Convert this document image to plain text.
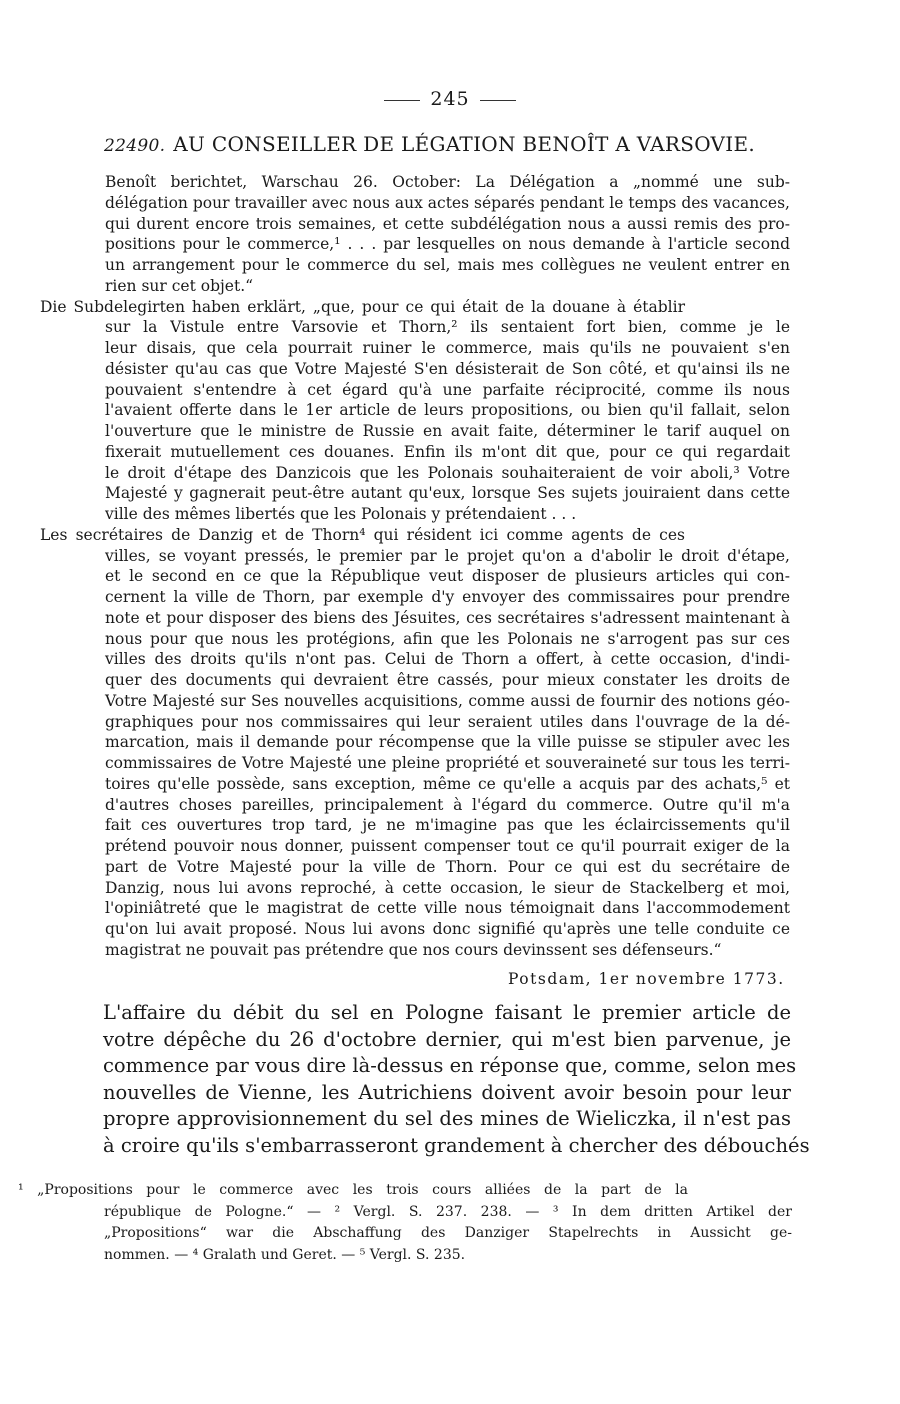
245
22490. AU CONSEILLER DE LÉGATION BENOÎT A VARSOVIE.
Benoît berichtet, Warschau 26. October: La Délégation a „nommé une sub-
délégation pour travailler avec nous aux actes séparés pendant le temps des vacances,
qui durent encore trois semaines, et cette subdélégation nous a aussi remis des pro-
positions pour le commerce,¹ . . . par lesquelles on nous demande à l'article second
un arrangement pour le commerce du sel, mais mes collègues ne veulent entrer en
rien sur cet objet.“
Die Subdelegirten haben erklärt, „que, pour ce qui était de la douane à établir
sur la Vistule entre Varsovie et Thorn,² ils sentaient fort bien, comme je le
leur disais, que cela pourrait ruiner le commerce, mais qu'ils ne pouvaient s'en
désister qu'au cas que Votre Majesté S'en désisterait de Son côté, et qu'ainsi ils ne
pouvaient s'entendre à cet égard qu'à une parfaite réciprocité, comme ils nous
l'avaient offerte dans le 1er article de leurs propositions, ou bien qu'il fallait, selon
l'ouverture que le ministre de Russie en avait faite, déterminer le tarif auquel on
fixerait mutuellement ces douanes. Enfin ils m'ont dit que, pour ce qui regardait
le droit d'étape des Danzicois que les Polonais souhaiteraient de voir aboli,³ Votre
Majesté y gagnerait peut-être autant qu'eux, lorsque Ses sujets jouiraient dans cette
ville des mêmes libertés que les Polonais y prétendaient . . .
Les secrétaires de Danzig et de Thorn⁴ qui résident ici comme agents de ces
villes, se voyant pressés, le premier par le projet qu'on a d'abolir le droit d'étape,
et le second en ce que la République veut disposer de plusieurs articles qui con-
cernent la ville de Thorn, par exemple d'y envoyer des commissaires pour prendre
note et pour disposer des biens des Jésuites, ces secrétaires s'adressent maintenant à
nous pour que nous les protégions, afin que les Polonais ne s'arrogent pas sur ces
villes des droits qu'ils n'ont pas. Celui de Thorn a offert, à cette occasion, d'indi-
quer des documents qui devraient être cassés, pour mieux constater les droits de
Votre Majesté sur Ses nouvelles acquisitions, comme aussi de fournir des notions géo-
graphiques pour nos commissaires qui leur seraient utiles dans l'ouvrage de la dé-
marcation, mais il demande pour récompense que la ville puisse se stipuler avec les
commissaires de Votre Majesté une pleine propriété et souveraineté sur tous les terri-
toires qu'elle possède, sans exception, même ce qu'elle a acquis par des achats,⁵ et
d'autres choses pareilles, principalement à l'égard du commerce. Outre qu'il m'a
fait ces ouvertures trop tard, je ne m'imagine pas que les éclaircissements qu'il
prétend pouvoir nous donner, puissent compenser tout ce qu'il pourrait exiger de la
part de Votre Majesté pour la ville de Thorn. Pour ce qui est du secrétaire de
Danzig, nous lui avons reproché, à cette occasion, le sieur de Stackelberg et moi,
l'opiniâtreté que le magistrat de cette ville nous témoignait dans l'accommodement
qu'on lui avait proposé. Nous lui avons donc signifié qu'après une telle conduite ce
magistrat ne pouvait pas prétendre que nos cours devinssent ses défenseurs.“
Potsdam, 1er novembre 1773.
L'affaire du débit du sel en Pologne faisant le premier article de
votre dépêche du 26 d'octobre dernier, qui m'est bien parvenue, je
commence par vous dire là-dessus en réponse que, comme, selon mes
nouvelles de Vienne, les Autrichiens doivent avoir besoin pour leur
propre approvisionnement du sel des mines de Wieliczka, il n'est pas
à croire qu'ils s'embarrasseront grandement à chercher des débouchés
¹ „Propositions pour le commerce avec les trois cours alliées de la part de la
république de Pologne.“ — ² Vergl. S. 237. 238. — ³ In dem dritten Artikel der
„Propositions“ war die Abschaffung des Danziger Stapelrechts in Aussicht ge-
nommen. — ⁴ Gralath und Geret. — ⁵ Vergl. S. 235.
